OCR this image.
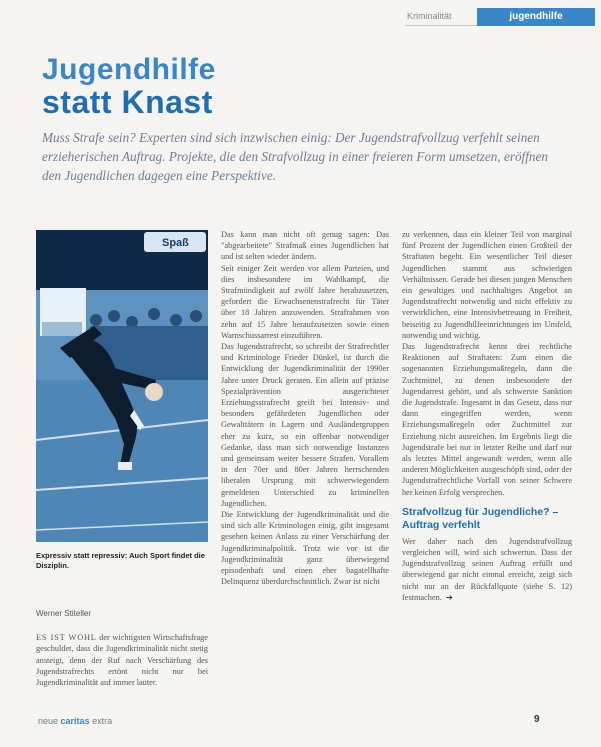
Kriminalität	jugendhilfe
Jugendhilfe
statt Knast
Muss Strafe sein? Experten sind sich inzwischen einig: Der Jugendstrafvollzug verfehlt seinen erzieherischen Auftrag. Projekte, die den Strafvollzug in einer freieren Form umsetzen, eröffnen den Jugendlichen dagegen eine Perspektive.
Spaß
Expressiv statt repressiv: Auch Sport findet die Disziplin.
Werner Stiteller

ES IST WOHL der wichtigsten Wirtschaftsfrage geschuldet, dass die Jugendkriminalität nicht stetig ansteigt, denn der Ruf nach Verschärfung des Jugendstrafrechts ertönt nicht nur bei Jugendkriminalität auf immer lauter.

Das kann man nicht oft genug sagen: Das "abgearbeitete" Strafmaß eines Jugendlichen hat und ist selten wieder ändern.

Seit einiger Zeit werden vor allem Parteien, und dies insbesondere im Wahlkampf, die Strafmündigkeit auf zwölf Jahre herabzusetzen, gefordert die Erwachsenenstrafrecht für Täter über 18 Jahren anzuwenden. Strafrahmen von zehn auf 15 Jahre heraufzusetzen sowie einen Warnschussarrest einzuführen.

Das Jugendstrafrecht, so schreibt der Strafrechtler und Kriminologe Frieder Dünkel, ist durch die Entwicklung der Jugendkriminalität der 1990er Jahre unter Druck geraten. Ein allein auf präzise Spezialprävention ausgerichteter Erziehungsstrafrecht greift bei Intensiv- und besonders gefährdeten Jugendlichen oder Gewalttätern in Lagern und Ausländergruppen eher zu kurz, so ein offenbar notwendiger Gedanke, dass man sich notwendige Instanzen und gemeinsam weiter bessere Strafen. Vorallem in den 70er und 80er Jahren herrschenden liberalen Ursprung mit schwerwiegendem gemeldeten Unterschied zu kriminellen Jugendlichen.

Die Entwicklung der Jugendkriminalität und die sind sich alle Kriminologen einig, gibt insgesamt gesehen keinen Anlass zu einer Verschärfung der Jugendkriminalpolitik. Trotz wie vor ist die Jugendkriminalität ganz überwiegend episodenhaft und einen eher bagatellhafte Delinquenz überdurchschnittlich. Zwar ist nicht

zu verkennen, dass ein kleiner Teil von marginal fünf Prozent der Jugendlichen einen Großteil der Straftaten begeht. Ein wesentlicher Teil dieser Jugendlichen stammt aus schwierigen Verhältnissen. Gerade bei diesen jungen Menschen ein gewaltiges und nachhaltiges Angebot an Jugendstrafrecht notwendig und nicht effektiv zu verwirklichen, eine Intensivbetreuung in Freiheit, beiseitig zu Jugendhilfeeinrichtungen im Umfeld, notwendig und wichtig.

Das Jugendstrafrecht kennt drei rechtliche Reaktionen auf Straftaten: Zum einen die sogenannten Erziehungsmaßregeln, dann die Zuchtmittel, zu denen insbesondere der Jugendarrest gehört, und als schwerste Sanktion die Jugendstrafe. Ingesamt in das Gesetz, dass nur dann eingegriffen werden, wenn Erziehungsmaßregeln oder Zuchtmittel zur Erziehung nicht ausreichen. Im Ergebnis liegt die Jugendstrafe bei nur in letzter Reihe und darf nur als letztes Mittel angewandt werden, wenn alle anderen Möglichkeiten ausgeschöpft sind, oder der Jugendstrafrechtliche Vorfall von seiner Schwere her keinen Erfolg versprechen.

Strafvollzug für Jugendliche? – Auftrag verfehlt

Wer daher nach den Jugendstrafvollzug vergleichen will, wird sich schwertun. Dass der Jugendstrafvollzug seinen Auftrag erfüllt und überwiegend gar nicht einmal erreicht, zeigt sich nicht nur an der Rückfallquote (siehe S. 12) festmachen. ➔

neue caritas extra	9
